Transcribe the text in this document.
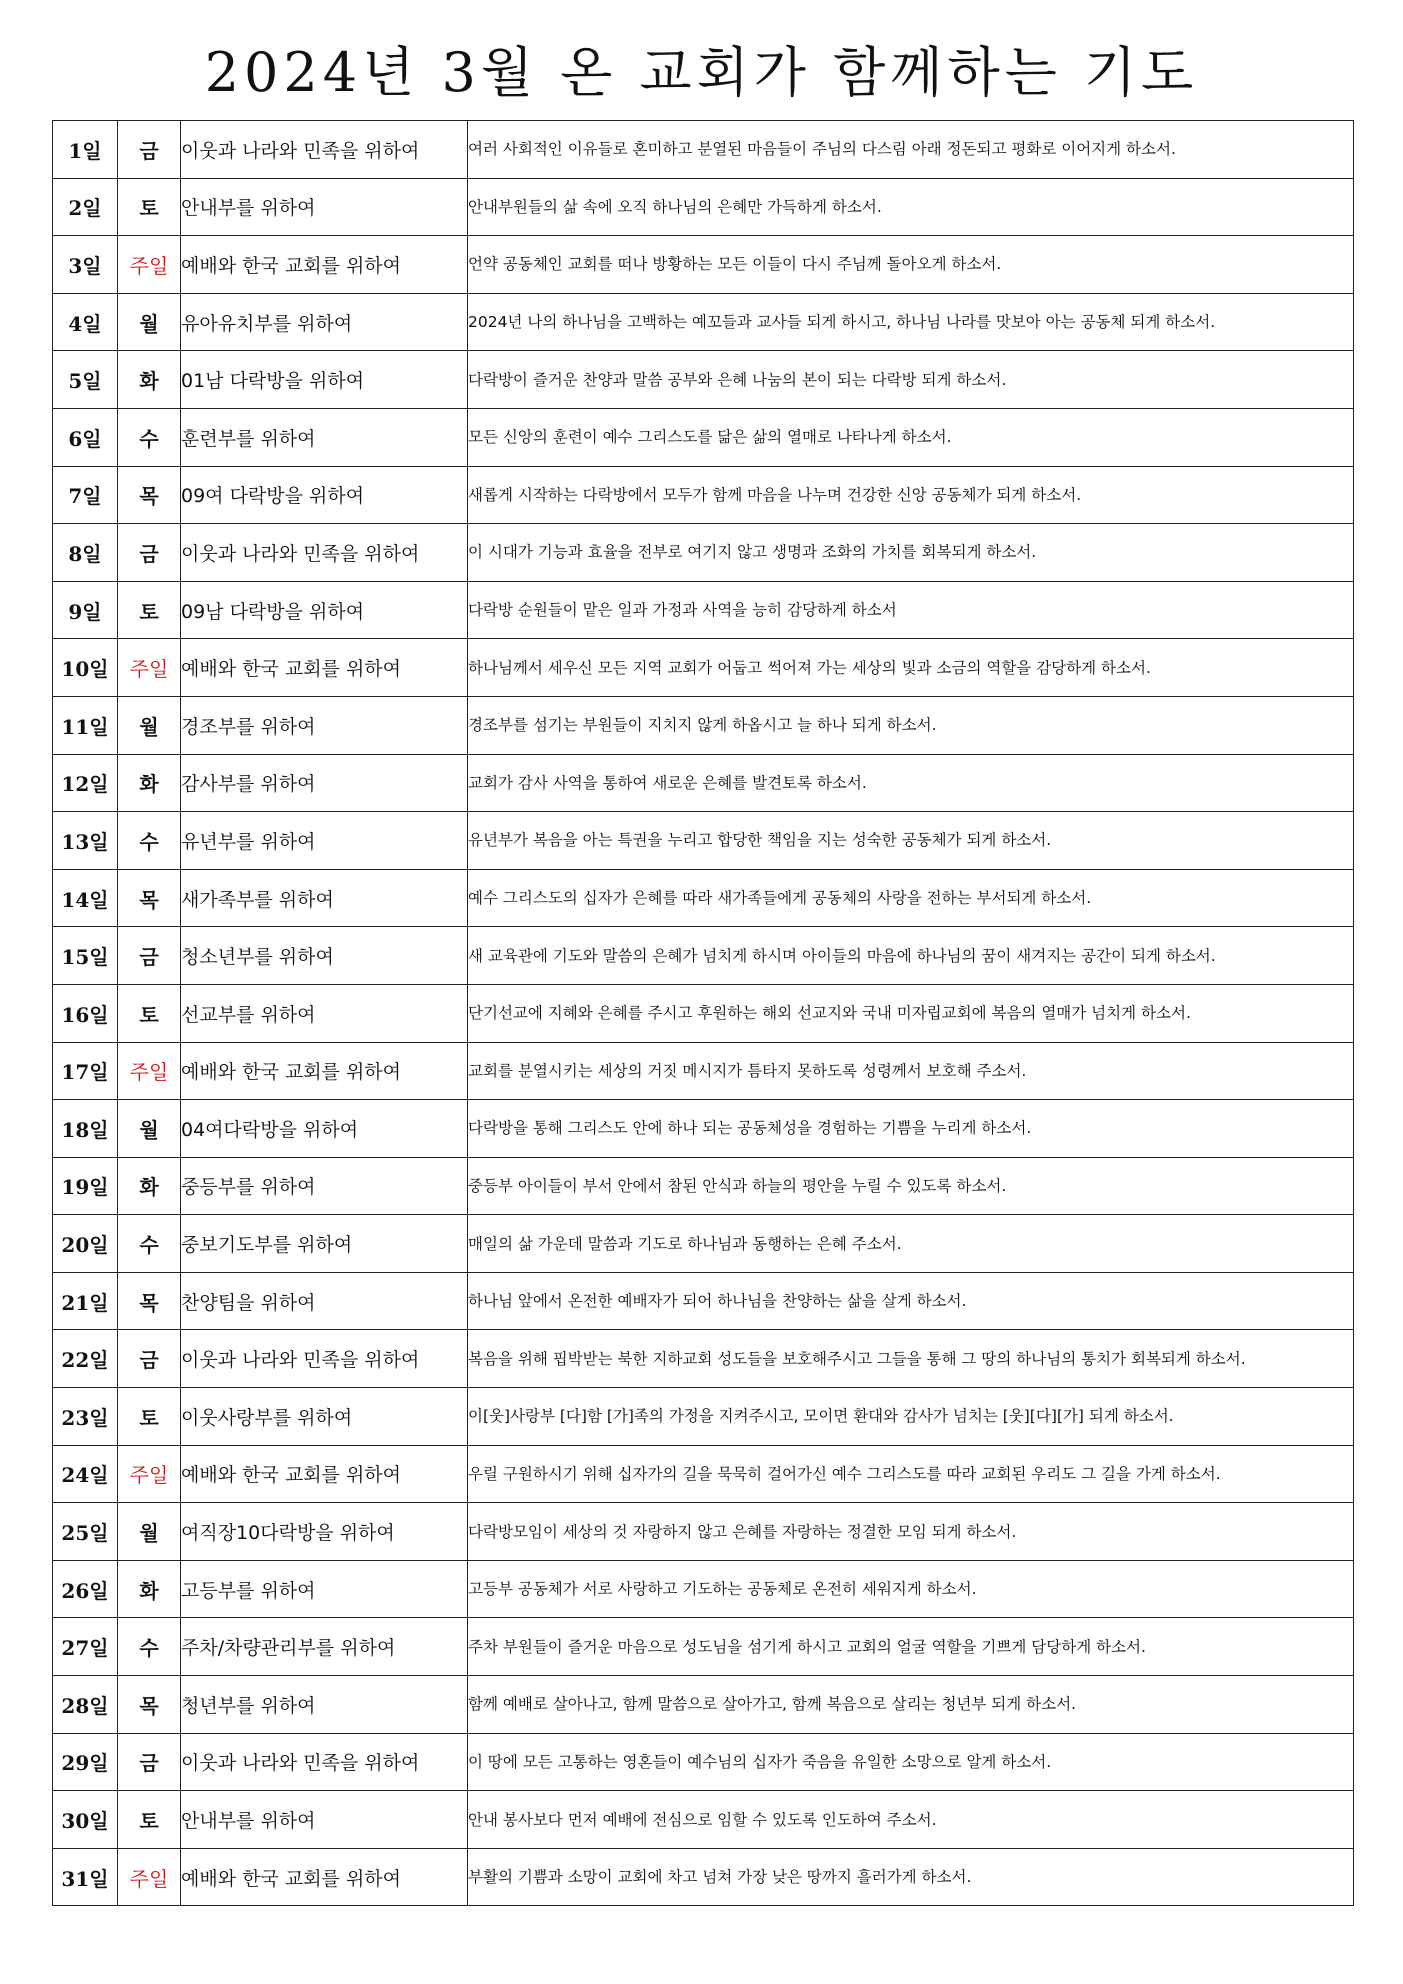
2024년 3월 온 교회가 함께하는 기도
1일	금	이웃과 나라와 민족을 위하여	여러 사회적인 이유들로 혼미하고 분열된 마음들이 주님의 다스림 아래 정돈되고 평화로 이어지게 하소서.
2일	토	안내부를 위하여	안내부원들의 삶 속에 오직 하나님의 은혜만 가득하게 하소서.
3일	주일	예배와 한국 교회를 위하여	언약 공동체인 교회를 떠나 방황하는 모든 이들이 다시 주님께 돌아오게 하소서.
4일	월	유아유치부를 위하여	2024년 나의 하나님을 고백하는 예꼬들과 교사들 되게 하시고, 하나님 나라를 맛보아 아는 공동체 되게 하소서.
5일	화	01남 다락방을 위하여	다락방이 즐거운 찬양과 말씀 공부와 은혜 나눔의 본이 되는 다락방 되게 하소서.
6일	수	훈련부를 위하여	모든 신앙의 훈련이 예수 그리스도를 닮은 삶의 열매로 나타나게 하소서.
7일	목	09여 다락방을 위하여	새롭게 시작하는 다락방에서 모두가 함께 마음을 나누며 건강한 신앙 공동체가 되게 하소서.
8일	금	이웃과 나라와 민족을 위하여	이 시대가 기능과 효율을 전부로 여기지 않고 생명과 조화의 가치를 회복되게 하소서.
9일	토	09남 다락방을 위하여	다락방 순원들이 맡은 일과 가정과 사역을 능히 감당하게 하소서
10일	주일	예배와 한국 교회를 위하여	하나님께서 세우신 모든 지역 교회가 어둡고 썩어져 가는 세상의 빛과 소금의 역할을 감당하게 하소서.
11일	월	경조부를 위하여	경조부를 섬기는 부원들이 지치지 않게 하옵시고 늘 하나 되게 하소서.
12일	화	감사부를 위하여	교회가 감사 사역을 통하여 새로운 은혜를 발견토록 하소서.
13일	수	유년부를 위하여	유년부가 복음을 아는 특권을 누리고 합당한 책임을 지는 성숙한 공동체가 되게 하소서.
14일	목	새가족부를 위하여	예수 그리스도의 십자가 은혜를 따라 새가족들에게 공동체의 사랑을 전하는 부서되게 하소서.
15일	금	청소년부를 위하여	새 교육관에 기도와 말씀의 은혜가 넘치게 하시며 아이들의 마음에 하나님의 꿈이 새겨지는 공간이 되게 하소서.
16일	토	선교부를 위하여	단기선교에 지혜와 은혜를 주시고 후원하는 해외 선교지와 국내 미자립교회에 복음의 열매가 넘치게 하소서.
17일	주일	예배와 한국 교회를 위하여	교회를 분열시키는 세상의 거짓 메시지가 틈타지 못하도록 성령께서 보호해 주소서.
18일	월	04여다락방을 위하여	다락방을 통해 그리스도 안에 하나 되는 공동체성을 경험하는 기쁨을 누리게 하소서.
19일	화	중등부를 위하여	중등부 아이들이 부서 안에서 참된 안식과 하늘의 평안을 누릴 수 있도록 하소서.
20일	수	중보기도부를 위하여	매일의 삶 가운데 말씀과 기도로 하나님과 동행하는 은혜 주소서.
21일	목	찬양팀을 위하여	하나님 앞에서 온전한 예배자가 되어 하나님을 찬양하는 삶을 살게 하소서.
22일	금	이웃과 나라와 민족을 위하여	복음을 위해 핍박받는 북한 지하교회 성도들을 보호해주시고 그들을 통해 그 땅의 하나님의 통치가 회복되게 하소서.
23일	토	이웃사랑부를 위하여	이[웃]사랑부 [다]함 [가]족의 가정을 지켜주시고, 모이면 환대와 감사가 넘치는 [웃][다][가] 되게 하소서.
24일	주일	예배와 한국 교회를 위하여	우릴 구원하시기 위해 십자가의 길을 묵묵히 걸어가신 예수 그리스도를 따라 교회된 우리도 그 길을 가게 하소서.
25일	월	여직장10다락방을 위하여	다락방모임이 세상의 것 자랑하지 않고 은혜를 자랑하는 정결한 모임 되게 하소서.
26일	화	고등부를 위하여	고등부 공동체가 서로 사랑하고 기도하는 공동체로 온전히 세워지게 하소서.
27일	수	주차/차량관리부를 위하여	주차 부원들이 즐거운 마음으로 성도님을 섬기게 하시고 교회의 얼굴 역할을 기쁘게 담당하게 하소서.
28일	목	청년부를 위하여	함께 예배로 살아나고, 함께 말씀으로 살아가고, 함께 복음으로 살리는 청년부 되게 하소서.
29일	금	이웃과 나라와 민족을 위하여	이 땅에 모든 고통하는 영혼들이 예수님의 십자가 죽음을 유일한 소망으로 알게 하소서.
30일	토	안내부를 위하여	안내 봉사보다 먼저 예배에 전심으로 임할 수 있도록 인도하여 주소서.
31일	주일	예배와 한국 교회를 위하여	부활의 기쁨과 소망이 교회에 차고 넘쳐 가장 낮은 땅까지 흘러가게 하소서.
